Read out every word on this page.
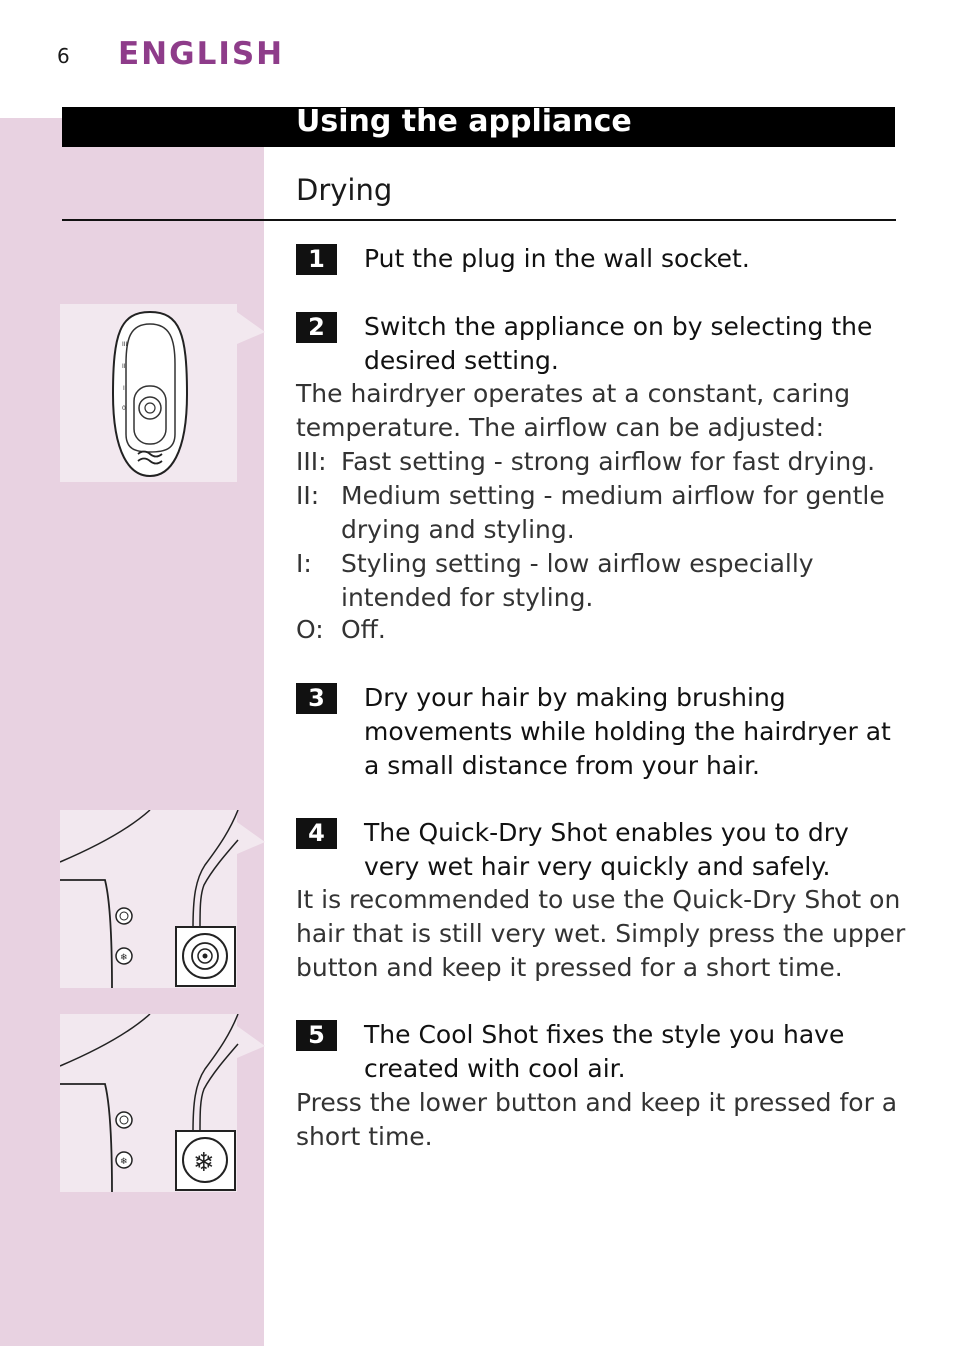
6 ENGLISH
Using the appliance
Drying
III
II
I
0
❄
❄	❄
1	Put the plug in the wall socket.
2	Switch the appliance on by selecting the desired setting.
The hairdryer operates at a constant, caring temperature. The airflow can be adjusted:
III: Fast setting - strong airflow for fast drying.
II: Medium setting - medium airflow for gentle drying and styling.
I: Styling setting - low airflow especially intended for styling.
O: Off.
3	Dry your hair by making brushing movements while holding the hairdryer at a small distance from your hair.
4	The Quick-Dry Shot enables you to dry very wet hair very quickly and safely.
It is recommended to use the Quick-Dry Shot on hair that is still very wet. Simply press the upper button and keep it pressed for a short time.
5	The Cool Shot fixes the style you have created with cool air.
Press the lower button and keep it pressed for a short time.
